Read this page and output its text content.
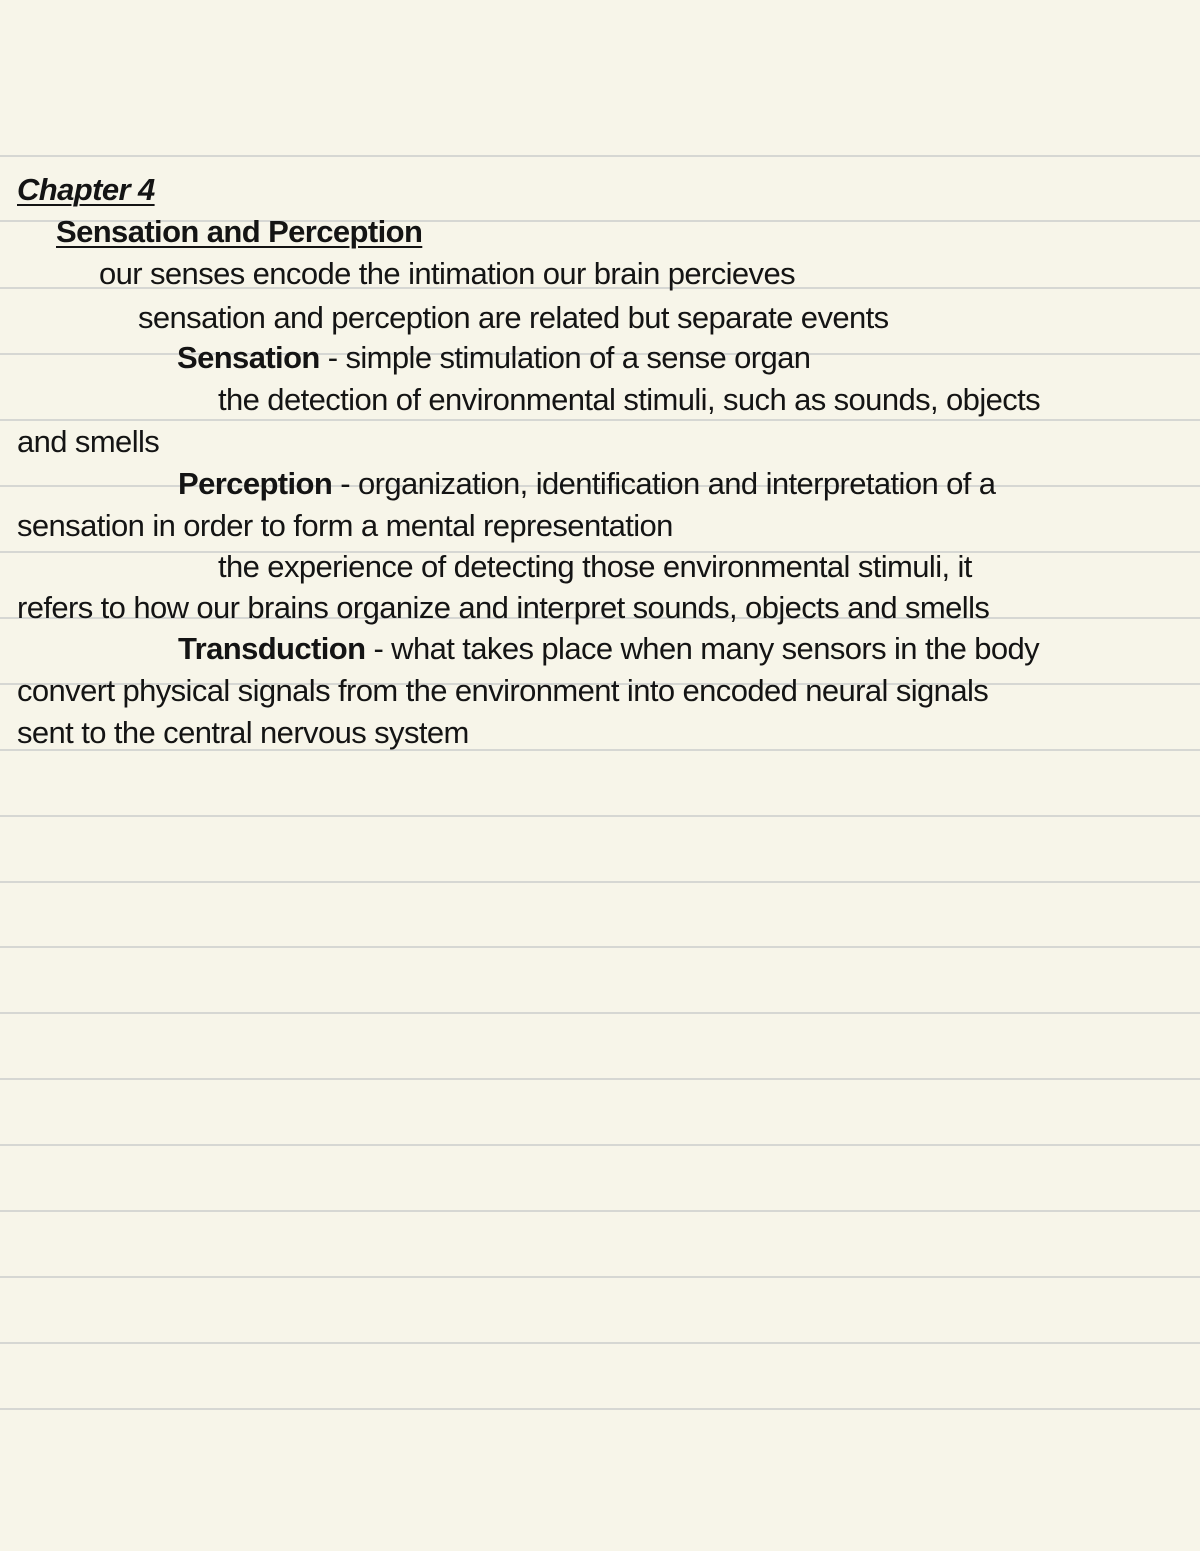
Chapter 4
Sensation and Perception
our senses encode the intimation our brain percieves
sensation and perception are related but separate events
Sensation - simple stimulation of a sense organ
the detection of environmental stimuli, such as sounds, objects
and smells
Perception - organization, identification and interpretation of a
sensation in order to form a mental representation
the experience of detecting those environmental stimuli, it
refers to how our brains organize and interpret sounds, objects and smells
Transduction - what takes place when many sensors in the body
convert physical signals from the environment into encoded neural signals
sent to the central nervous system
